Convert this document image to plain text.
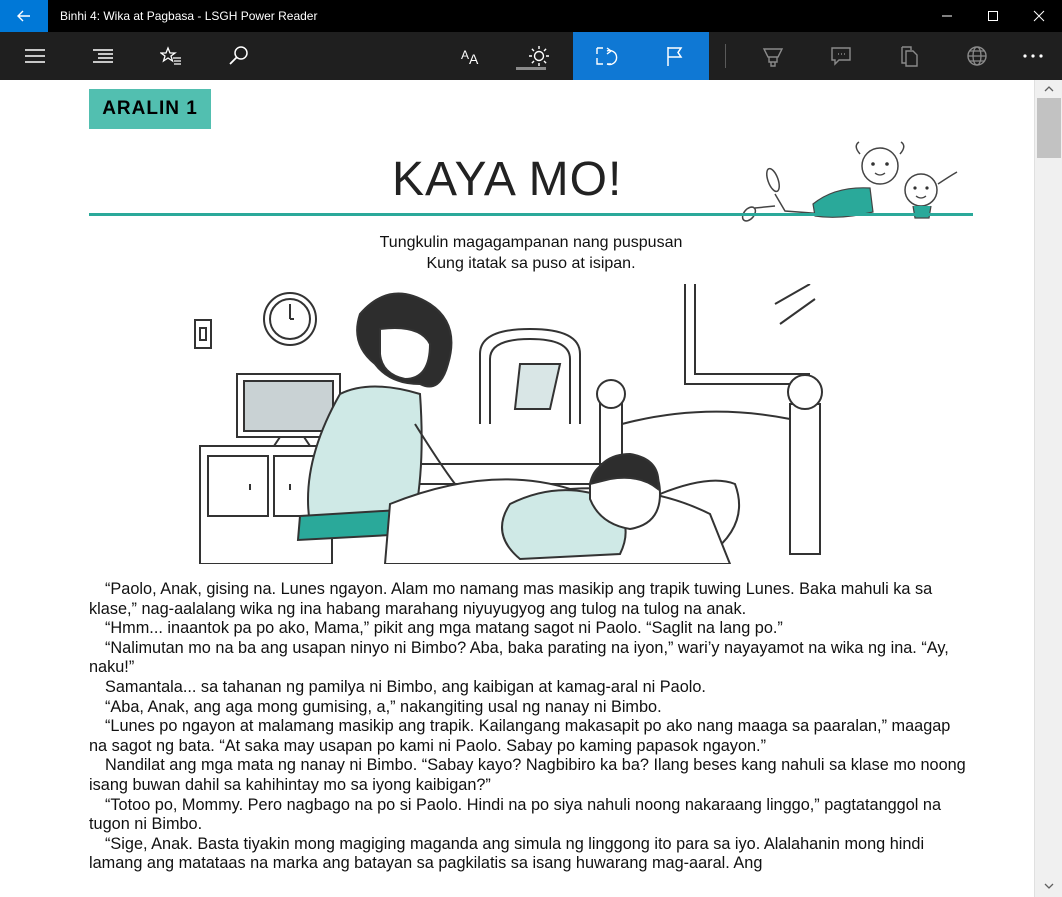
Binhi 4: Wika at Pagbasa - LSGH Power Reader
A A
ARALIN 1
KAYA MO!
Tungkulin magagampanan nang puspusan
Kung itatak sa puso at isipan.

“Paolo, Anak, gising na. Lunes ngayon. Alam mo namang mas masikip ang trapik tuwing Lunes. Baka mahuli ka sa klase,” nag-aalalang wika ng ina habang marahang niyuyugyog ang tulog na tulog na anak.

“Hmm... inaantok pa po ako, Mama,” pikit ang mga matang sagot ni Paolo. “Saglit na lang po.”

“Nalimutan mo na ba ang usapan ninyo ni Bimbo? Aba, baka parating na iyon,” wari’y nayayamot na wika ng ina. “Ay, naku!”

Samantala... sa tahanan ng pamilya ni Bimbo, ang kaibigan at kamag-aral ni Paolo.

“Aba, Anak, ang aga mong gumising, a,” nakangiting usal ng nanay ni Bimbo.

“Lunes po ngayon at malamang masikip ang trapik. Kailangang makasapit po ako nang maaga sa paaralan,” maagap na sagot ng bata. “At saka may usapan po kami ni Paolo. Sabay po kaming papasok ngayon.”

Nandilat ang mga mata ng nanay ni Bimbo. “Sabay kayo? Nagbibiro ka ba? Ilang beses kang nahuli sa klase mo noong isang buwan dahil sa kahihintay mo sa iyong kaibigan?”

“Totoo po, Mommy. Pero nagbago na po si Paolo. Hindi na po siya nahuli noong nakaraang linggo,” pagtatanggol na tugon ni Bimbo.

“Sige, Anak. Basta tiyakin mong magiging maganda ang simula ng linggong ito para sa iyo. Alalahanin mong hindi lamang ang matataas na marka ang batayan sa pagkilatis sa isang huwarang mag-aaral. Ang
